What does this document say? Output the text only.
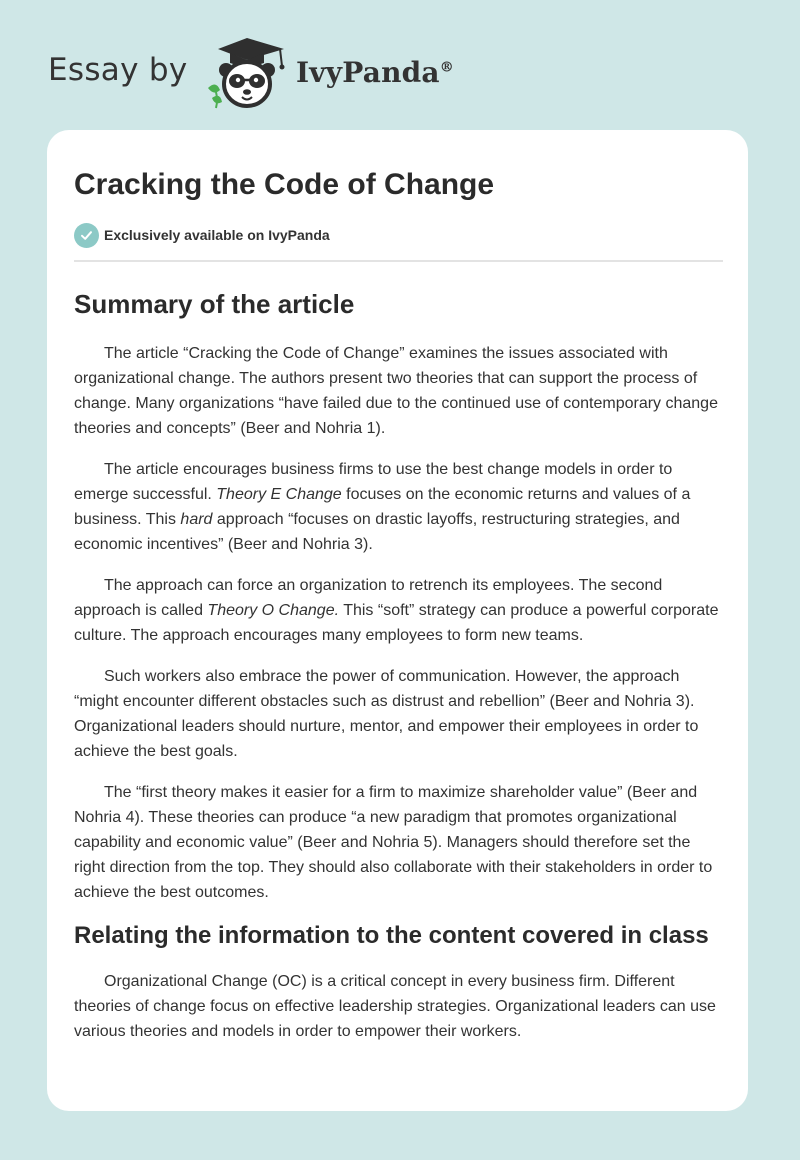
Essay by	IvyPanda®
Cracking the Code of Change
Exclusively available on IvyPanda
Summary of the article

The article “Cracking the Code of Change” examines the issues associated with organizational change. The authors present two theories that can support the process of change. Many organizations “have failed due to the continued use of contemporary change theories and concepts” (Beer and Nohria 1).

The article encourages business firms to use the best change models in order to emerge successful. Theory E Change focuses on the economic returns and values of a business. This hard approach “focuses on drastic layoffs, restructuring strategies, and economic incentives” (Beer and Nohria 3).

The approach can force an organization to retrench its employees. The second approach is called Theory O Change. This “soft” strategy can produce a powerful corporate culture. The approach encourages many employees to form new teams.

Such workers also embrace the power of communication. However, the approach “might encounter different obstacles such as distrust and rebellion” (Beer and Nohria 3). Organizational leaders should nurture, mentor, and empower their employees in order to achieve the best goals.

The “first theory makes it easier for a firm to maximize shareholder value” (Beer and Nohria 4). These theories can produce “a new paradigm that promotes organizational capability and economic value” (Beer and Nohria 5). Managers should therefore set the right direction from the top. They should also collaborate with their stakeholders in order to achieve the best outcomes.

Relating the information to the content covered in class

Organizational Change (OC) is a critical concept in every business firm. Different theories of change focus on effective leadership strategies. Organizational leaders can use various theories and models in order to empower their workers.
